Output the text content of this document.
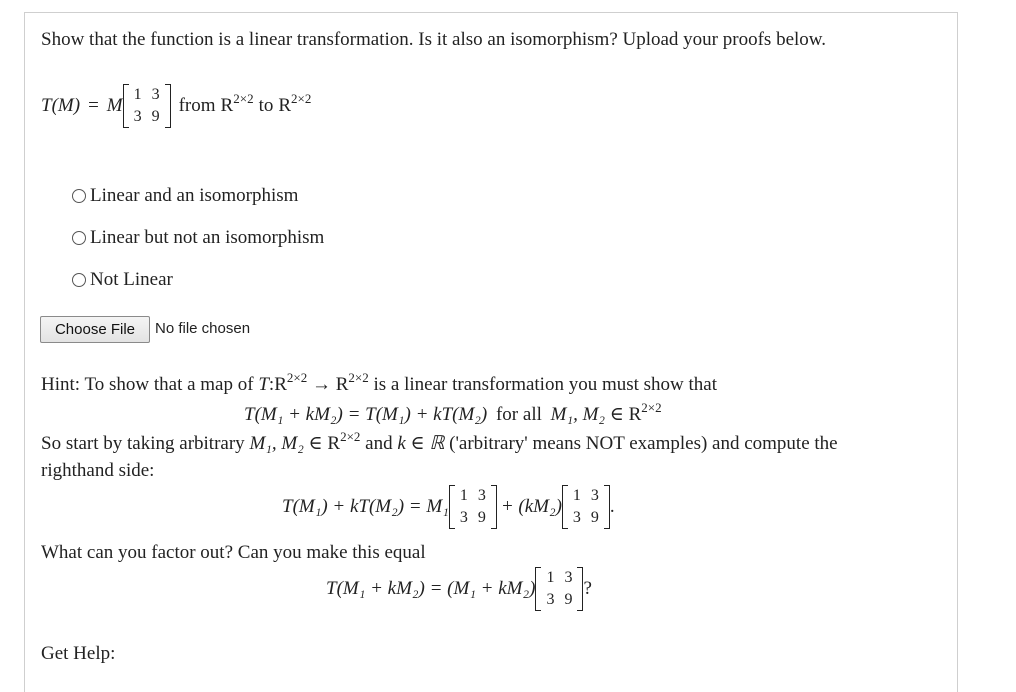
Show that the function is a linear transformation. Is it also an isomorphism? Upload your proofs below.
T(M) = M
1	3
3	9
from $R^{2\times 2}$ to $R^{2\times 2}$
Linear and an isomorphism
Linear but not an isomorphism
Not Linear
Choose File	No file chosen
Hint: To show that a map of $T:R^{2\times 2} \to R^{2\times 2}$ is a linear transformation you must show that
T(M₁ + kM₂) = T(M₁) + kT(M₂) for all M₁, M₂ ∈ $R^{2\times 2}$
So start by taking arbitrary M₁, M₂ ∈ $R^{2\times 2}$ and k ∈ ℝ ('arbitrary' means NOT examples) and compute the
righthand side:
T(M₁) + kT(M₂) = M₁
1	3
3	9
+ (kM₂)
1	3
3	9
.
What can you factor out? Can you make this equal
T(M₁ + kM₂) = (M₁ + kM₂)
1	3
3	9
?
Get Help:
